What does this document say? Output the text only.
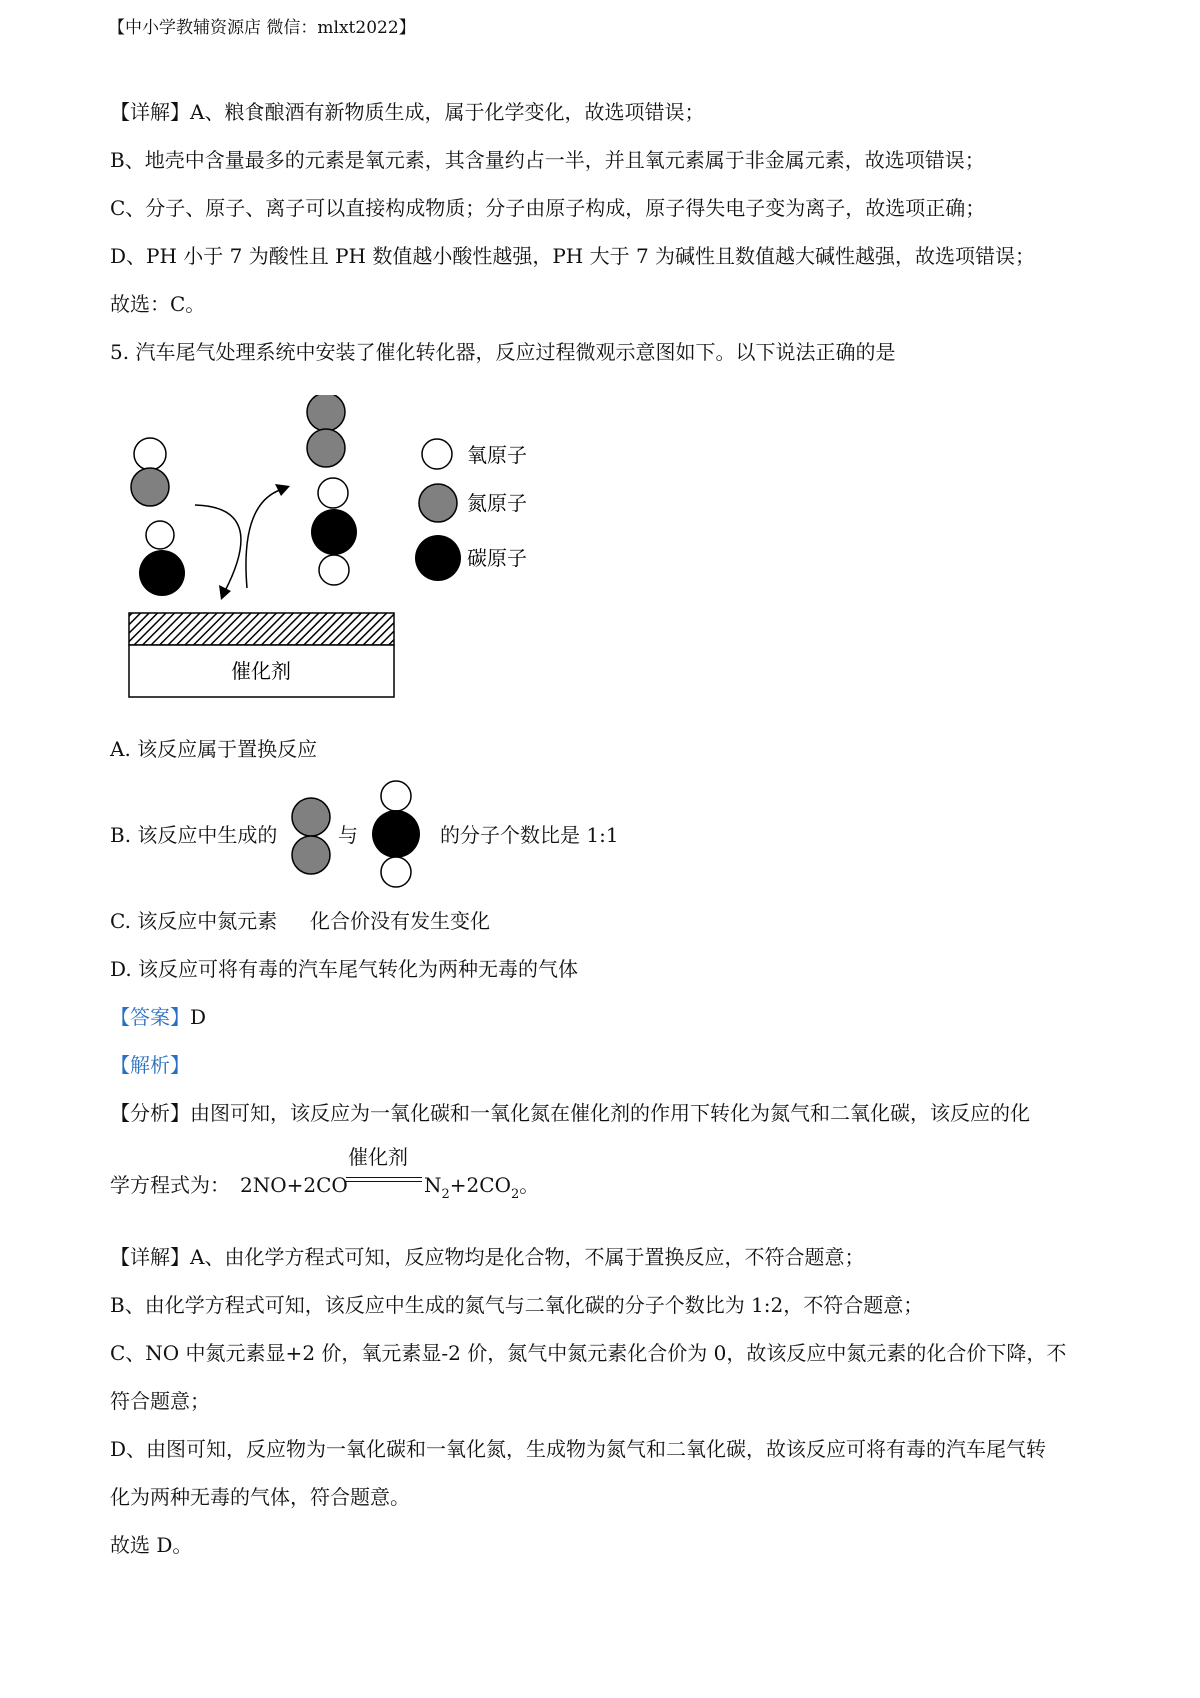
【中小学教辅资源店 微信：mlxt2022】
【详解】A、粮食酿酒有新物质生成，属于化学变化，故选项错误；
B、地壳中含量最多的元素是氧元素，其含量约占一半，并且氧元素属于非金属元素，故选项错误；
C、分子、原子、离子可以直接构成物质；分子由原子构成，原子得失电子变为离子，故选项正确；
D、PH 小于 7 为酸性且 PH 数值越小酸性越强，PH 大于 7 为碱性且数值越大碱性越强，故选项错误；
故选：C。
5. 汽车尾气处理系统中安装了催化转化器，反应过程微观示意图如下。以下说法正确的是
催化剂
氧原子
氮原子
碳原子
A. 该反应属于置换反应
B. 该反应中生成的	与	的分子个数比是 1:1
C. 该反应中氮元素 化合价没有发生变化
D. 该反应可将有毒的汽车尾气转化为两种无毒的气体
【答案】D
【解析】
【分析】由图可知，该反应为一氧化碳和一氧化氮在催化剂的作用下转化为氮气和二氧化碳，该反应的化
学方程式为： 2NO+2CO
催化剂
$N_2+2CO_2$。
【详解】A、由化学方程式可知，反应物均是化合物，不属于置换反应，不符合题意；
B、由化学方程式可知，该反应中生成的氮气与二氧化碳的分子个数比为 1:2，不符合题意；
C、NO 中氮元素显+2 价，氧元素显-2 价，氮气中氮元素化合价为 0，故该反应中氮元素的化合价下降，不
符合题意；
D、由图可知，反应物为一氧化碳和一氧化氮，生成物为氮气和二氧化碳，故该反应可将有毒的汽车尾气转
化为两种无毒的气体，符合题意。
故选 D。
